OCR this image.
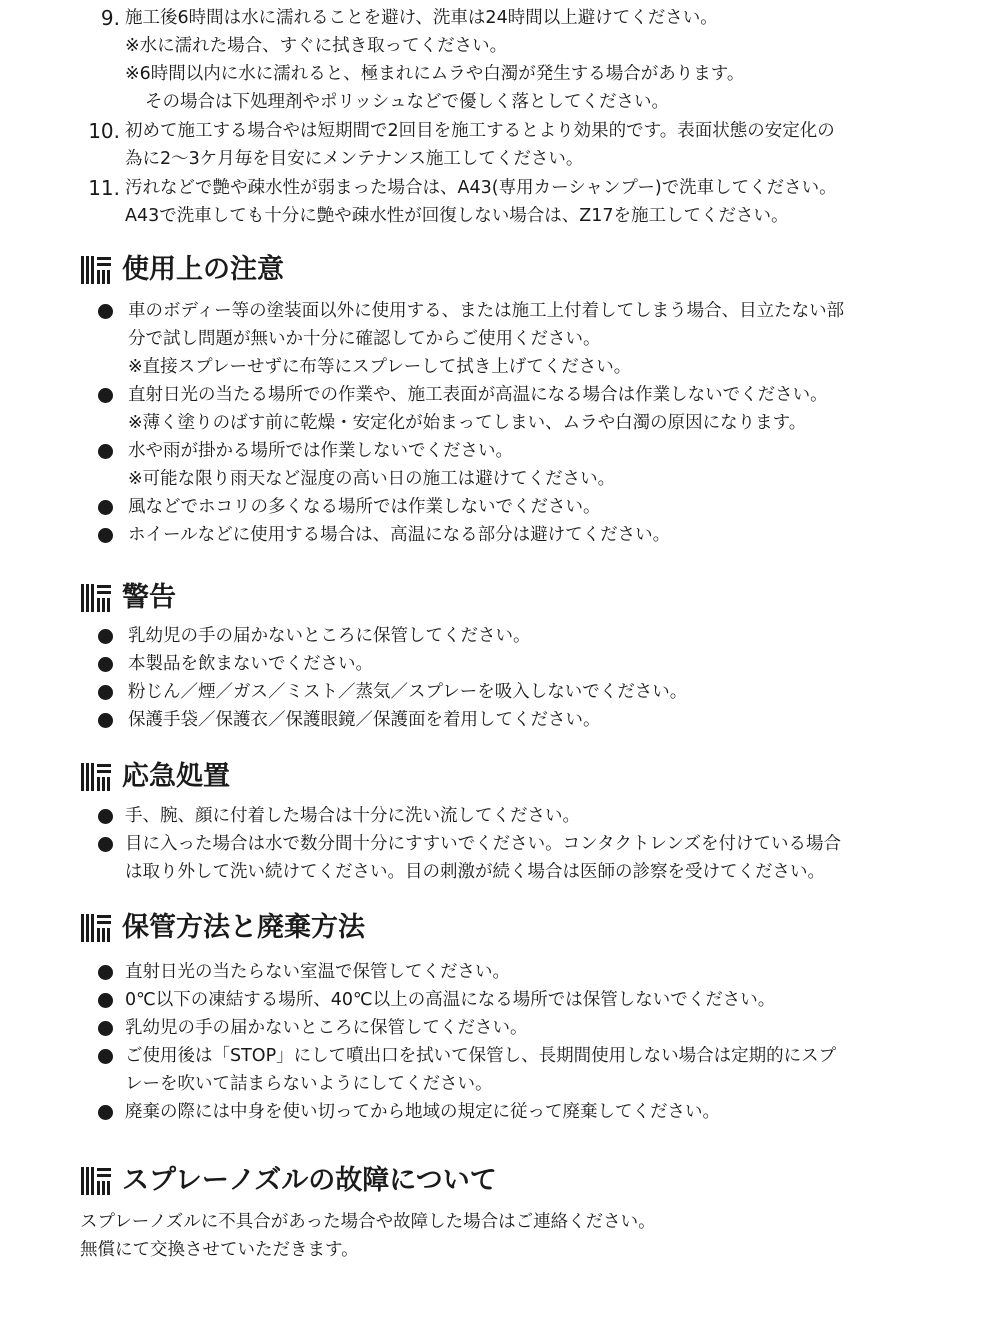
9. 施工後6時間は水に濡れることを避け、洗車は24時間以上避けてください。
※水に濡れた場合、すぐに拭き取ってください。
※6時間以内に水に濡れると、極まれにムラや白濁が発生する場合があります。
その場合は下処理剤やポリッシュなどで優しく落としてください。
10. 初めて施工する場合やは短期間で2回目を施工するとより効果的です。表面状態の安定化の
為に2〜3ケ月毎を目安にメンテナンス施工してください。
11. 汚れなどで艶や疎水性が弱まった場合は、A43(専用カーシャンプー)で洗車してください。
A43で洗車しても十分に艶や疎水性が回復しない場合は、Z17を施工してください。
使用上の注意
車のボディー等の塗装面以外に使用する、または施工上付着してしまう場合、目立たない部
分で試し問題が無いか十分に確認してからご使用ください。
※直接スプレーせずに布等にスプレーして拭き上げてください。
直射日光の当たる場所での作業や、施工表面が高温になる場合は作業しないでください。
※薄く塗りのばす前に乾燥・安定化が始まってしまい、ムラや白濁の原因になります。
水や雨が掛かる場所では作業しないでください。
※可能な限り雨天など湿度の高い日の施工は避けてください。
風などでホコリの多くなる場所では作業しないでください。
ホイールなどに使用する場合は、高温になる部分は避けてください。
警告
乳幼児の手の届かないところに保管してください。
本製品を飲まないでください。
粉じん／煙／ガス／ミスト／蒸気／スプレーを吸入しないでください。
保護手袋／保護衣／保護眼鏡／保護面を着用してください。
応急処置
手、腕、顔に付着した場合は十分に洗い流してください。
目に入った場合は水で数分間十分にすすいでください。コンタクトレンズを付けている場合
は取り外して洗い続けてください。目の刺激が続く場合は医師の診察を受けてください。
保管方法と廃棄方法
直射日光の当たらない室温で保管してください。
0℃以下の凍結する場所、40℃以上の高温になる場所では保管しないでください。
乳幼児の手の届かないところに保管してください。
ご使用後は「STOP」にして噴出口を拭いて保管し、長期間使用しない場合は定期的にスプ
レーを吹いて詰まらないようにしてください。
廃棄の際には中身を使い切ってから地域の規定に従って廃棄してください。
スプレーノズルの故障について
スプレーノズルに不具合があった場合や故障した場合はご連絡ください。
無償にて交換させていただきます。
